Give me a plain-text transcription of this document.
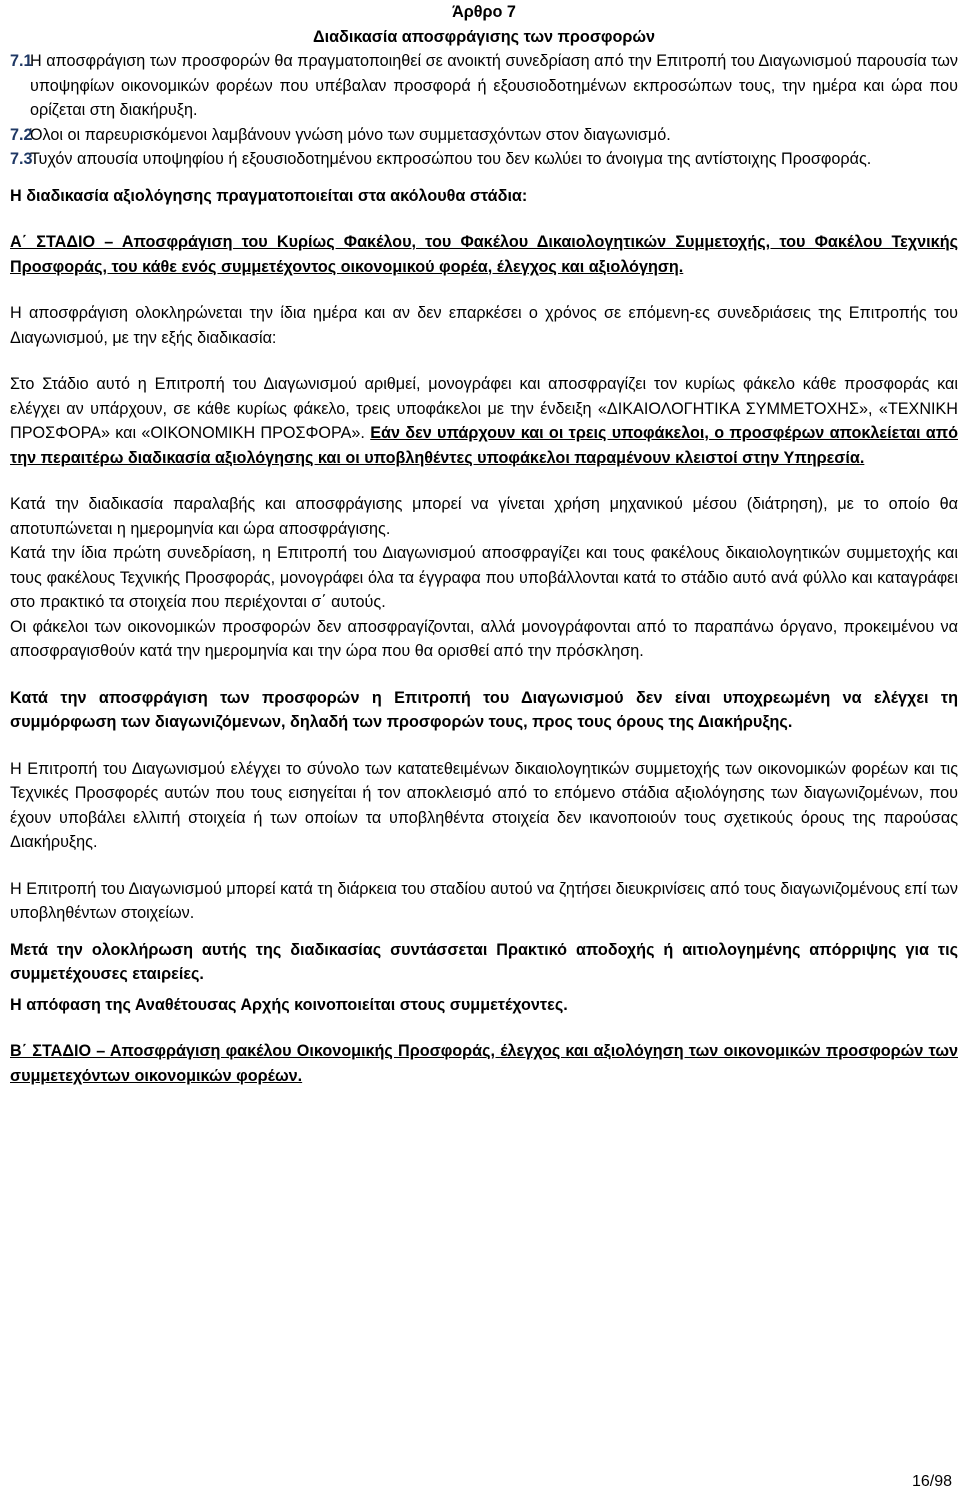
Άρθρο 7
Διαδικασία αποσφράγισης των προσφορών
7.1
Η αποσφράγιση των προσφορών θα πραγματοποιηθεί σε ανοικτή συνεδρίαση από την Επιτροπή του Διαγωνισμού παρουσία των υποψηφίων οικονομικών φορέων που υπέβαλαν προσφορά ή εξουσιοδοτημένων εκπροσώπων τους, την ημέρα και ώρα που ορίζεται στη διακήρυξη.
7.2
Όλοι οι παρευρισκόμενοι λαμβάνουν γνώση μόνο των συμμετασχόντων στον διαγωνισμό.
7.3
Τυχόν απουσία υποψηφίου ή εξουσιοδοτημένου εκπροσώπου του δεν κωλύει το άνοιγμα της αντίστοιχης Προσφοράς.

Η διαδικασία αξιολόγησης πραγματοποιείται στα ακόλουθα στάδια:

Α΄ ΣΤΑΔΙΟ – Αποσφράγιση του Κυρίως Φακέλου, του Φακέλου Δικαιολογητικών Συμμετοχής, του Φακέλου Τεχνικής Προσφοράς, του κάθε ενός συμμετέχοντος οικονομικού φορέα, έλεγχος και αξιολόγηση.

Η αποσφράγιση ολοκληρώνεται την ίδια ημέρα και αν δεν επαρκέσει ο χρόνος σε επόμενη-ες συνεδριάσεις της Επιτροπής του Διαγωνισμού, με την εξής διαδικασία:

Στο Στάδιο αυτό η Επιτροπή του Διαγωνισμού αριθμεί, μονογράφει και αποσφραγίζει τον κυρίως φάκελο κάθε προσφοράς και ελέγχει αν υπάρχουν, σε κάθε κυρίως φάκελο, τρεις υποφάκελοι με την ένδειξη «ΔΙΚΑΙΟΛΟΓΗΤΙΚΑ ΣΥΜΜΕΤΟΧΗΣ», «ΤΕΧΝΙΚΗ ΠΡΟΣΦΟΡΑ» και «ΟΙΚΟΝΟΜΙΚΗ ΠΡΟΣΦΟΡΑ». Εάν δεν υπάρχουν και οι τρεις υποφάκελοι, ο προσφέρων αποκλείεται από την περαιτέρω διαδικασία αξιολόγησης και οι υποβληθέντες υποφάκελοι παραμένουν κλειστοί στην Υπηρεσία.

Κατά την διαδικασία παραλαβής και αποσφράγισης μπορεί να γίνεται χρήση μηχανικού μέσου (διάτρηση), με το οποίο θα αποτυπώνεται η ημερομηνία και ώρα αποσφράγισης.

Κατά την ίδια πρώτη συνεδρίαση, η Επιτροπή του Διαγωνισμού αποσφραγίζει και τους φακέλους δικαιολογητικών συμμετοχής και τους φακέλους Τεχνικής Προσφοράς, μονογράφει όλα τα έγγραφα που υποβάλλονται κατά το στάδιο αυτό ανά φύλλο και καταγράφει στο πρακτικό τα στοιχεία που περιέχονται σ΄ αυτούς.

Οι φάκελοι των οικονομικών προσφορών δεν αποσφραγίζονται, αλλά μονογράφονται από το παραπάνω όργανο, προκειμένου να αποσφραγισθούν κατά την ημερομηνία και την ώρα που θα ορισθεί από την πρόσκληση.

Κατά την αποσφράγιση των προσφορών η Επιτροπή του Διαγωνισμού δεν είναι υποχρεωμένη να ελέγχει τη συμμόρφωση των διαγωνιζόμενων, δηλαδή των προσφορών τους, προς τους όρους της Διακήρυξης.

Η Επιτροπή του Διαγωνισμού ελέγχει το σύνολο των κατατεθειμένων δικαιολογητικών συμμετοχής των οικονομικών φορέων και τις Τεχνικές Προσφορές αυτών που τους εισηγείται ή τον αποκλεισμό από το επόμενο στάδια αξιολόγησης των διαγωνιζομένων, που έχουν υποβάλει ελλιπή στοιχεία ή των οποίων τα υποβληθέντα στοιχεία δεν ικανοποιούν τους σχετικούς όρους της παρούσας Διακήρυξης.

Η Επιτροπή του Διαγωνισμού μπορεί κατά τη διάρκεια του σταδίου αυτού να ζητήσει διευκρινίσεις από τους διαγωνιζομένους επί των υποβληθέντων στοιχείων.

Μετά την ολοκλήρωση αυτής της διαδικασίας συντάσσεται Πρακτικό αποδοχής ή αιτιολογημένης απόρριψης για τις συμμετέχουσες εταιρείες.

Η απόφαση της Αναθέτουσας Αρχής κοινοποιείται στους συμμετέχοντες.

Β΄ ΣΤΑΔΙΟ – Αποσφράγιση φακέλου Οικονομικής Προσφοράς, έλεγχος και αξιολόγηση των οικονομικών προσφορών των συμμετεχόντων οικονομικών φορέων.

16/98
